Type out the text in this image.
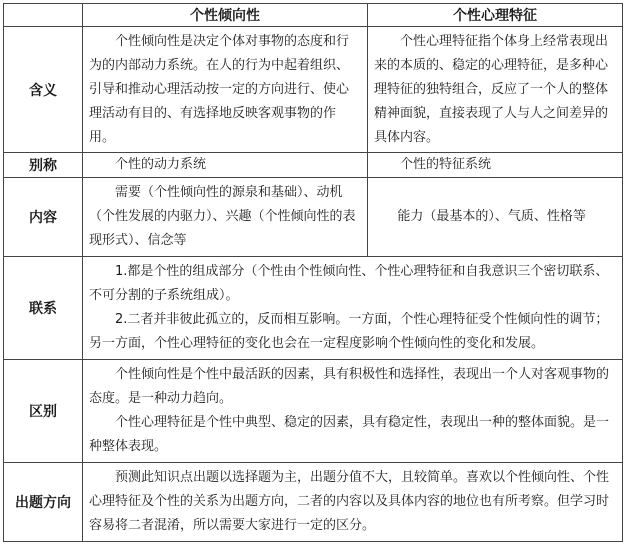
	个性倾向性	个性心理特征
含义	个性倾向性是决定个体对事物的态度和行为的内部动力系统。在人的行为中起着组织、引导和推动心理活动按一定的方向进行、使心理活动有目的、有选择地反映客观事物的作用。	个性心理特征指个体身上经常表现出来的本质的、稳定的心理特征，是多种心理特征的独特组合，反应了一个人的整体精神面貌，直接表现了人与人之间差异的具体内容。

别称	个性的动力系统	个性的特征系统

内容	需要（个性倾向性的源泉和基础）、动机（个性发展的内驱力）、兴趣（个性倾向性的表现形式）、信念等	能力（最基本的）、气质、性格等

联系	1.都是个性的组成部分（个性由个性倾向性、个性心理特征和自我意识三个密切联系、不可分割的子系统组成）。

2.二者并非彼此孤立的，反而相互影响。一方面，个性心理特征受个性倾向性的调节；另一方面，个性心理特征的变化也会在一定程度影响个性倾向性的变化和发展。	

区别	个性倾向性是个性中最活跃的因素，具有积极性和选择性，表现出一个人对客观事物的态度。是一种动力趋向。

个性心理特征是个性中典型、稳定的因素，具有稳定性，表现出一种的整体面貌。是一种整体表现。	

出题方向	预测此知识点出题以选择题为主，出题分值不大，且较简单。喜欢以个性倾向性、个性心理特征及个性的关系为出题方向，二者的内容以及具体内容的地位也有所考察。但学习时容易将二者混淆，所以需要大家进行一定的区分。	
